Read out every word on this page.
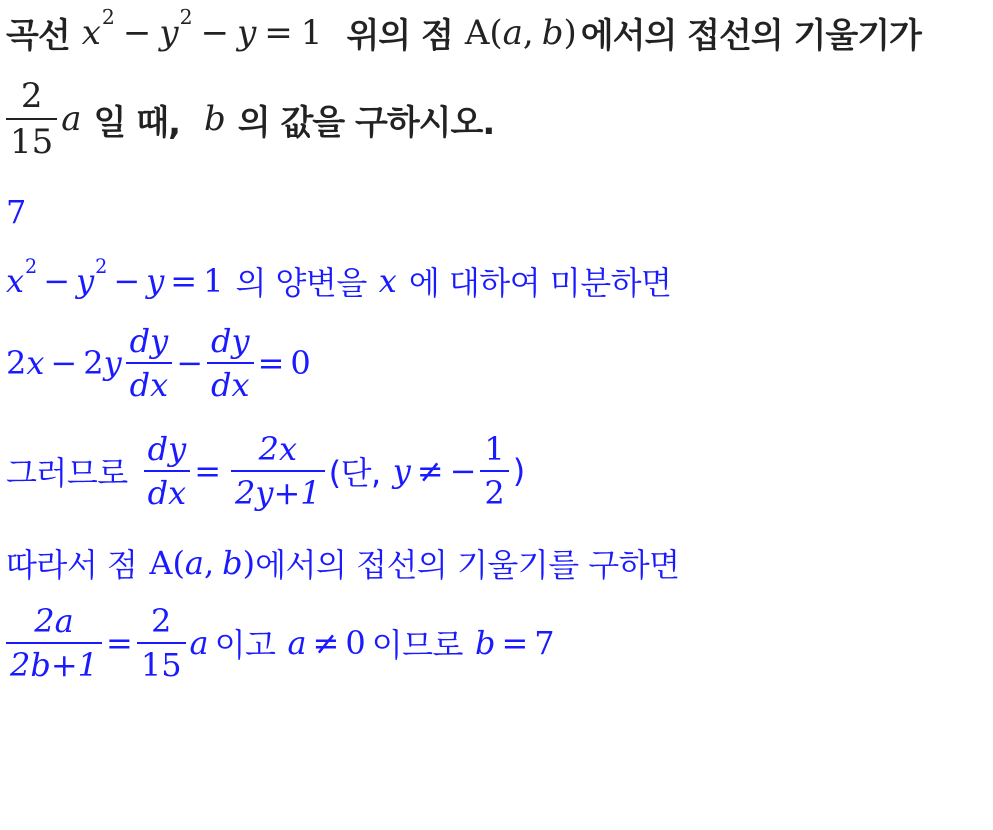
곡선 x 2 − y 2 − y = 1 위의 점 A ( a , b ) 에서의 접선의 기울기가
$\frac{2}{15}$ a 일 때, b 의 값을 구하시오.
7
x 2 − y 2 − y = 1 의 양변을 x 에 대하여 미분하면
2 x − 2 y $\frac{dy}{dx} - \frac{dy}{dx} = 0$
그러므로 $\frac{dy}{dx} = \frac{2x}{2y+1}$ (단, y ≠ − $\frac{1}{2}$ )
따라서 점 A ( a , b ) 에서의 접선의 기울기를 구하면
$\frac{2a}{2b+1} = \frac{2}{15}$ a 이고 a ≠ 0 이므로 b = 7
